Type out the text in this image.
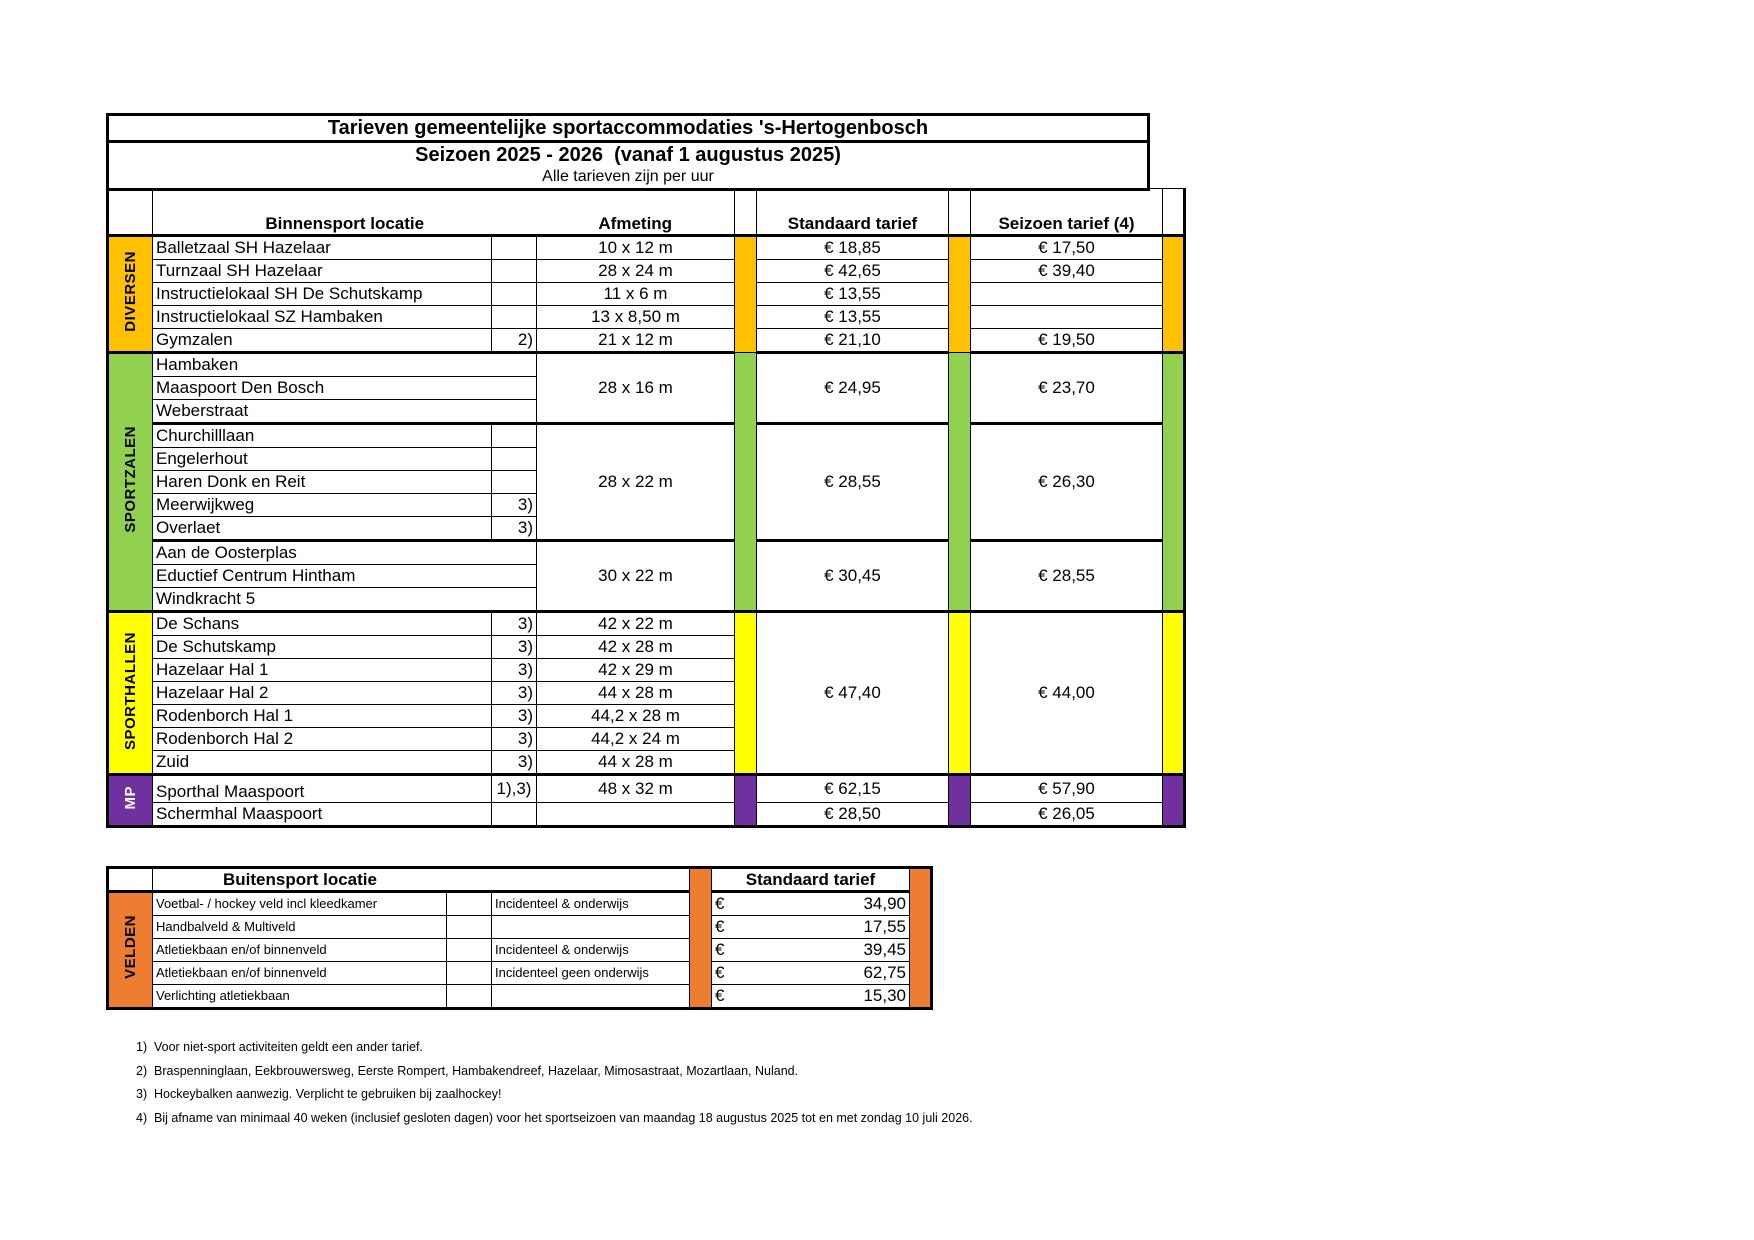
Tarieven gemeentelijke sportaccommodaties 's-Hertogenbosch
Seizoen 2025 - 2026  (vanaf 1 augustus 2025)
Alle tarieven zijn per uur
	Binnensport locatie		Afmeting		Standaard tarief		Seizoen tarief (4)	
DIVERSEN	Balletzaal SH Hazelaar		10 x 12 m		€ 18,85		€ 17,50	
	Turnzaal SH Hazelaar		28 x 24 m		€ 42,65		€ 39,40	
	Instructielokaal SH De Schutskamp		11 x 6 m		€ 13,55			
	Instructielokaal SZ Hambaken		13 x 8,50 m		€ 13,55			
	Gymzalen	2)	21 x 12 m		€ 21,10		€ 19,50	
SPORTZALEN	Hambaken		28 x 16 m		€ 24,95		€ 23,70	
	Maaspoort Den Bosch							
	Weberstraat							
	Churchilllaan		28 x 22 m		€ 28,55		€ 26,30	
	Engelerhout							
	Haren Donk en Reit							
	Meerwijkweg	3)						
	Overlaet	3)						
	Aan de Oosterplas		30 x 22 m		€ 30,45		€ 28,55	
	Eductief Centrum Hintham							
	Windkracht 5							
SPORTHALLEN	De Schans	3)	42 x 22 m		€ 47,40		€ 44,00	
	De Schutskamp	3)	42 x 28 m					
	Hazelaar Hal 1	3)	42 x 29 m					
	Hazelaar Hal 2	3)	44 x 28 m					
	Rodenborch Hal 1	3)	44,2 x 28 m					
	Rodenborch Hal 2	3)	44,2 x 24 m					
	Zuid	3)	44 x 28 m					
MP	Sporthal Maaspoort	1),3)	48 x 32 m		€ 62,15		€ 57,90	
	Schermhal Maaspoort				€ 28,50		€ 26,05	
	Buitensport locatie				Standaard tarief	
VELDEN	Voetbal- / hockey veld incl kleedkamer		Incidenteel & onderwijs		€ 34,90	

	Handbalveld & Multiveld				€ 17,55	

	Atletiekbaan en/of binnenveld		Incidenteel & onderwijs		€ 39,45	

	Atletiekbaan en/of binnenveld		Incidenteel geen onderwijs		€ 62,75	

	Verlichting atletiekbaan				€ 15,30	
1) Voor niet-sport activiteiten geldt een ander tarief.
2) Braspenninglaan, Eekbrouwersweg, Eerste Rompert, Hambakendreef, Hazelaar, Mimosastraat, Mozartlaan, Nuland.
3) Hockeybalken aanwezig. Verplicht te gebruiken bij zaalhockey!
4) Bij afname van minimaal 40 weken (inclusief gesloten dagen) voor het sportseizoen van maandag 18 augustus 2025 tot en met zondag 10 juli 2026.
